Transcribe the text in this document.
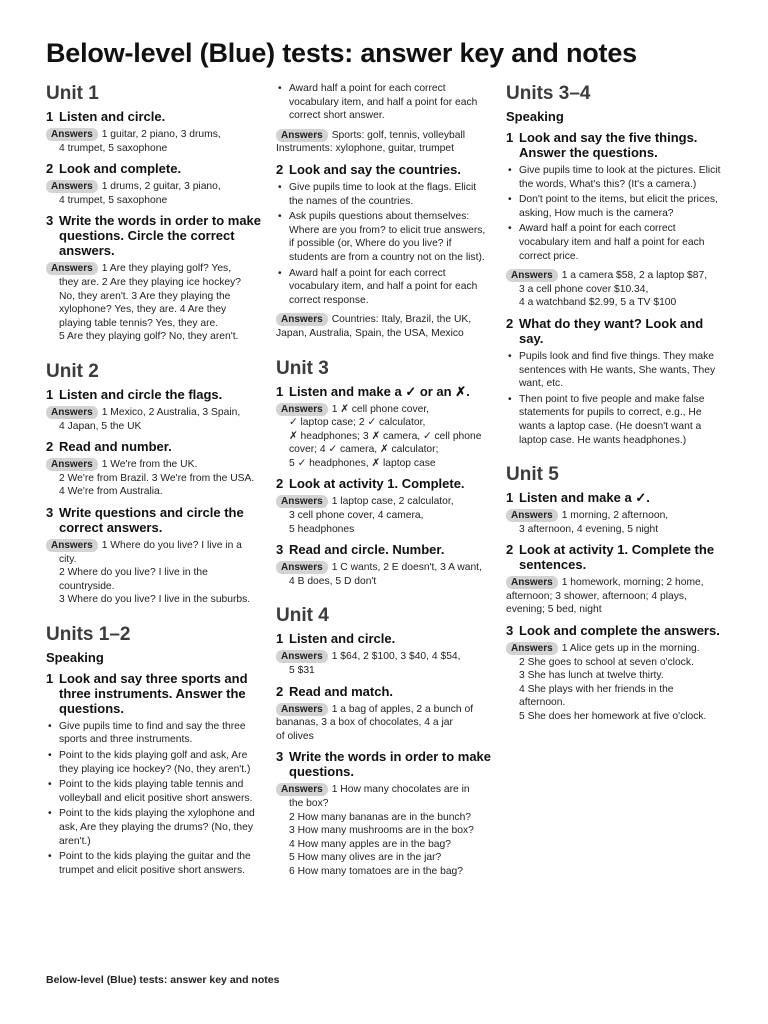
Below-level (Blue) tests: answer key and notes
Unit 1
1 Listen and circle.
Answers 1 guitar, 2 piano, 3 drums,
4 trumpet, 5 saxophone
2 Look and complete.
Answers 1 drums, 2 guitar, 3 piano,
4 trumpet, 5 saxophone
3 Write the words in order to make questions. Circle the correct answers.
Answers 1 Are they playing golf? Yes,
they are. 2 Are they playing ice hockey?
No, they aren't. 3 Are they playing the
xylophone? Yes, they are. 4 Are they
playing table tennis? Yes, they are.
5 Are they playing golf? No, they aren't.
Unit 2
1 Listen and circle the flags.
Answers 1 Mexico, 2 Australia, 3 Spain,
4 Japan, 5 the UK
2 Read and number.
Answers 1 We're from the UK.
2 We're from Brazil. 3 We're from the USA.
4 We're from Australia.
3 Write questions and circle the correct answers.
Answers 1 Where do you live? I live in a
city.
2 Where do you live? I live in the
countryside.
3 Where do you live? I live in the suburbs.
Units 1–2
Speaking
1 Look and say three sports and three instruments. Answer the questions.
• Give pupils time to find and say the three sports and three instruments.
• Point to the kids playing golf and ask, Are they playing ice hockey? (No, they aren't.)
• Point to the kids playing table tennis and volleyball and elicit positive short answers.
• Point to the kids playing the xylophone and ask, Are they playing the drums? (No, they aren't.)
• Point to the kids playing the guitar and the trumpet and elicit positive short answers.
• Award half a point for each correct vocabulary item, and half a point for each correct short answer.
Answers Sports: golf, tennis, volleyball
Instruments: xylophone, guitar, trumpet
2 Look and say the countries.
• Give pupils time to look at the flags. Elicit the names of the countries.
• Ask pupils questions about themselves: Where are you from? to elicit true answers, if possible (or, Where do you live? if students are from a country not on the list).
• Award half a point for each correct vocabulary item, and half a point for each correct response.
Answers Countries: Italy, Brazil, the UK,
Japan, Australia, Spain, the USA, Mexico
Unit 3
1 Listen and make a ✓ or an ✗.
Answers 1 ✗ cell phone cover,
✓ laptop case; 2 ✓ calculator,
✗ headphones; 3 ✗ camera, ✓ cell phone
cover; 4 ✓ camera, ✗ calculator;
5 ✓ headphones, ✗ laptop case
2 Look at activity 1. Complete.
Answers 1 laptop case, 2 calculator,
3 cell phone cover, 4 camera,
5 headphones
3 Read and circle. Number.
Answers 1 C wants, 2 E doesn't, 3 A want,
4 B does, 5 D don't
Unit 4
1 Listen and circle.
Answers 1 $64, 2 $100, 3 $40, 4 $54,
5 $31
2 Read and match.
Answers 1 a bag of apples, 2 a bunch of
bananas, 3 a box of chocolates, 4 a jar
of olives
3 Write the words in order to make questions.
Answers 1 How many chocolates are in
the box?
2 How many bananas are in the bunch?
3 How many mushrooms are in the box?
4 How many apples are in the bag?
5 How many olives are in the jar?
6 How many tomatoes are in the bag?
Units 3–4
Speaking
1 Look and say the five things. Answer the questions.
• Give pupils time to look at the pictures. Elicit the words, What's this? (It's a camera.)
• Don't point to the items, but elicit the prices, asking, How much is the camera?
• Award half a point for each correct vocabulary item and half a point for each correct price.
Answers 1 a camera $58, 2 a laptop $87,
3 a cell phone cover $10.34,
4 a watchband $2.99, 5 a TV $100
2 What do they want? Look and say.
• Pupils look and find five things. They make sentences with He wants, She wants, They want, etc.
• Then point to five people and make false statements for pupils to correct, e.g., He wants a laptop case. (He doesn't want a laptop case. He wants headphones.)
Unit 5
1 Listen and make a ✓.
Answers 1 morning, 2 afternoon,
3 afternoon, 4 evening, 5 night
2 Look at activity 1. Complete the sentences.
Answers 1 homework, morning; 2 home,
afternoon; 3 shower, afternoon; 4 plays,
evening; 5 bed, night
3 Look and complete the answers.
Answers 1 Alice gets up in the morning.
2 She goes to school at seven o'clock.
3 She has lunch at twelve thirty.
4 She plays with her friends in the
afternoon.
5 She does her homework at five o'clock.
Below-level (Blue) tests: answer key and notes
